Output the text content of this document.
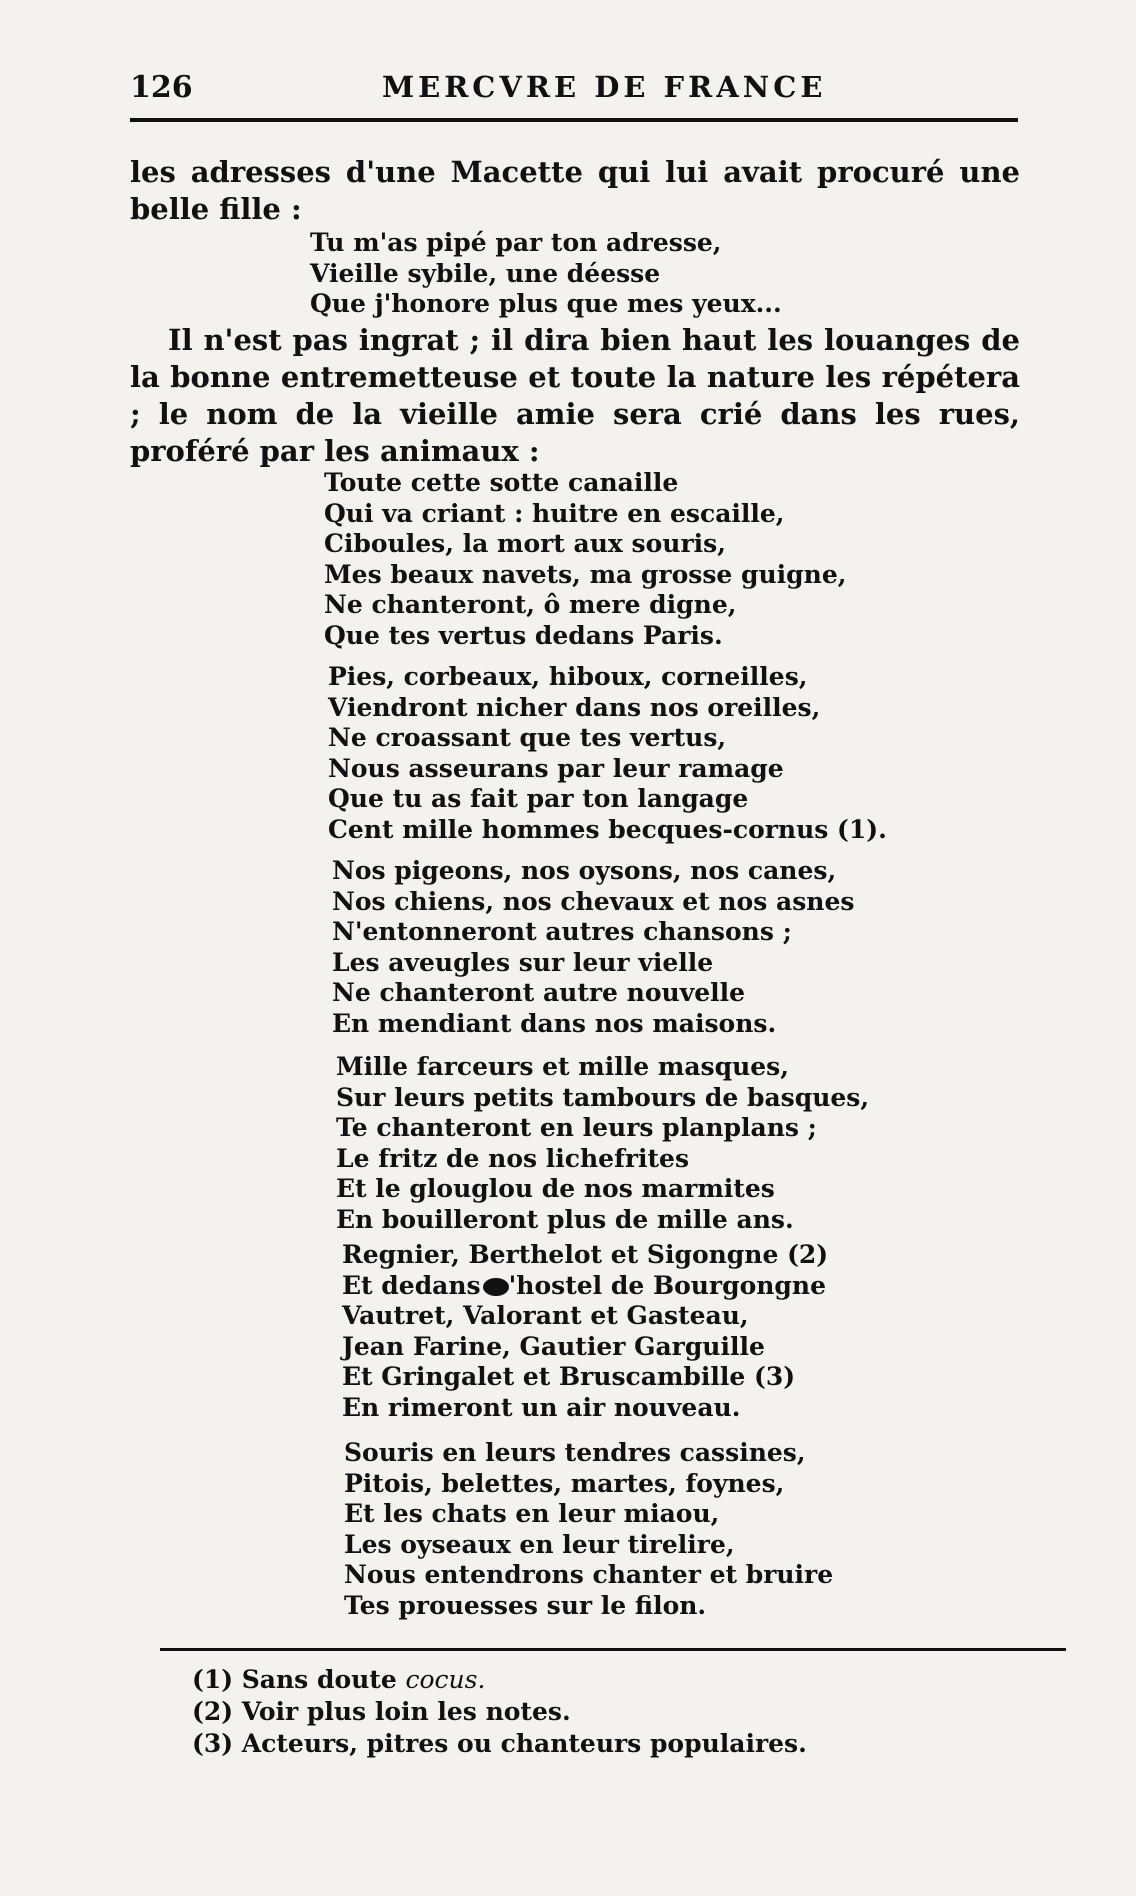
126	MERCVRE DE FRANCE
les adresses d'une Macette qui lui avait procuré une belle fille :
Tu m'as pipé par ton adresse,
Vieille sybile, une déesse
Que j'honore plus que mes yeux...
Il n'est pas ingrat ; il dira bien haut les louanges de la bonne entremetteuse et toute la nature les répétera ; le nom de la vieille amie sera crié dans les rues, proféré par les animaux :
Toute cette sotte canaille
Qui va criant : huitre en escaille,
Ciboules, la mort aux souris,
Mes beaux navets, ma grosse guigne,
Ne chanteront, ô mere digne,
Que tes vertus dedans Paris.
Pies, corbeaux, hiboux, corneilles,
Viendront nicher dans nos oreilles,
Ne croassant que tes vertus,
Nous asseurans par leur ramage
Que tu as fait par ton langage
Cent mille hommes becques-cornus (1).
Nos pigeons, nos oysons, nos canes,
Nos chiens, nos chevaux et nos asnes
N'entonneront autres chansons ;
Les aveugles sur leur vielle
Ne chanteront autre nouvelle
En mendiant dans nos maisons.
Mille farceurs et mille masques,
Sur leurs petits tambours de basques,
Te chanteront en leurs planplans ;
Le fritz de nos lichefrites
Et le glouglou de nos marmites
En bouilleront plus de mille ans.
Regnier, Berthelot et Sigongne (2)
Et dedans 'hostel de Bourgongne
Vautret, Valorant et Gasteau,
Jean Farine, Gautier Garguille
Et Gringalet et Bruscambille (3)
En rimeront un air nouveau.
Souris en leurs tendres cassines,
Pitois, belettes, martes, foynes,
Et les chats en leur miaou,
Les oyseaux en leur tirelire,
Nous entendrons chanter et bruire
Tes prouesses sur le filon.
(1) Sans doute cocus.
(2) Voir plus loin les notes.
(3) Acteurs, pitres ou chanteurs populaires.
